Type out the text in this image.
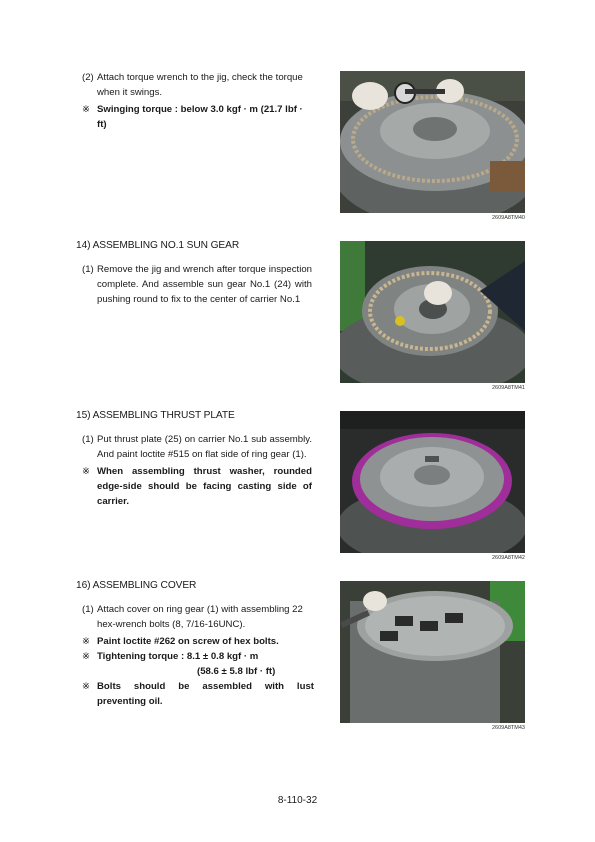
(2) Attach torque wrench to the jig, check the torque when it swings.
※ Swinging torque : below 3.0 kgf · m (21.7 lbf · ft)
2609A8TM40
14) ASSEMBLING NO.1 SUN GEAR
(1) Remove the jig and wrench after torque inspection complete. And assemble sun gear No.1 (24) with pushing round to fix to the center of carrier No.1
2609A8TM41
15) ASSEMBLING THRUST PLATE
(1) Put thrust plate (25) on carrier No.1 sub assembly. And paint loctite #515 on flat side of ring gear (1).
※ When assembling thrust washer, rounded edge-side should be facing casting side of carrier.
2609A8TM42
16) ASSEMBLING COVER
(1) Attach cover on ring gear (1) with assembling 22 hex-wrench bolts (8, 7/16-16UNC).
※ Paint loctite #262 on screw of hex bolts.
※ Tightening torque : 8.1 ± 0.8 kgf · m
(58.6 ± 5.8 lbf · ft)
※ Bolts should be assembled with lust preventing oil.
2609A8TM43
8-110-32
